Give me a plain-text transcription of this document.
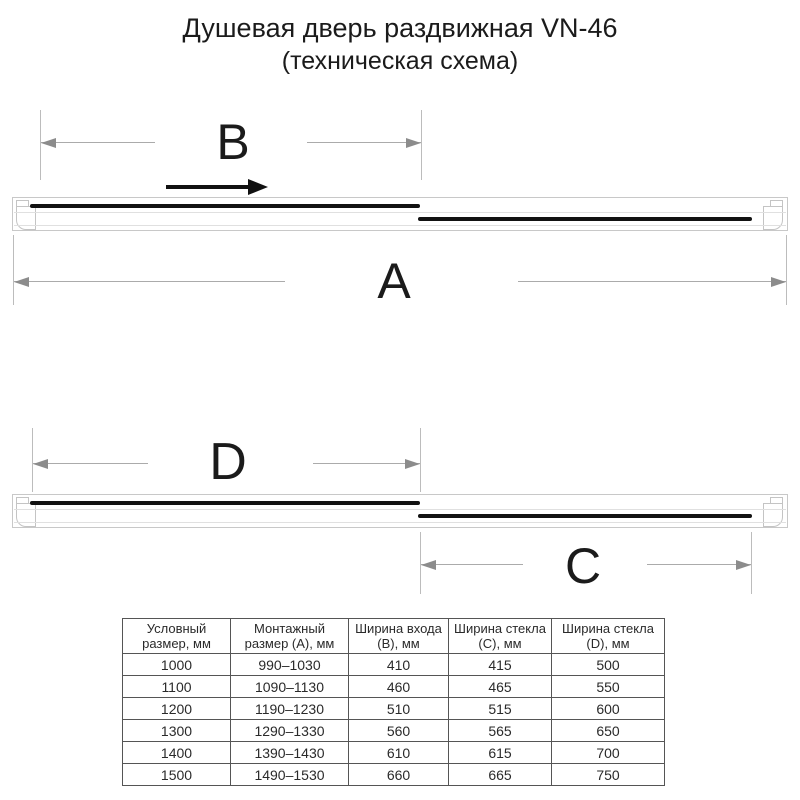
Душевая дверь раздвижная VN-46
(техническая схема)
B
A
D
C
Условный размер, мм	Монтажный размер (А), мм	Ширина входа (B), мм	Ширина стекла (C), мм	Ширина стекла (D), мм
1000	990–1030	410	415	500
1100	1090–1130	460	465	550
1200	1190–1230	510	515	600
1300	1290–1330	560	565	650
1400	1390–1430	610	615	700
1500	1490–1530	660	665	750
